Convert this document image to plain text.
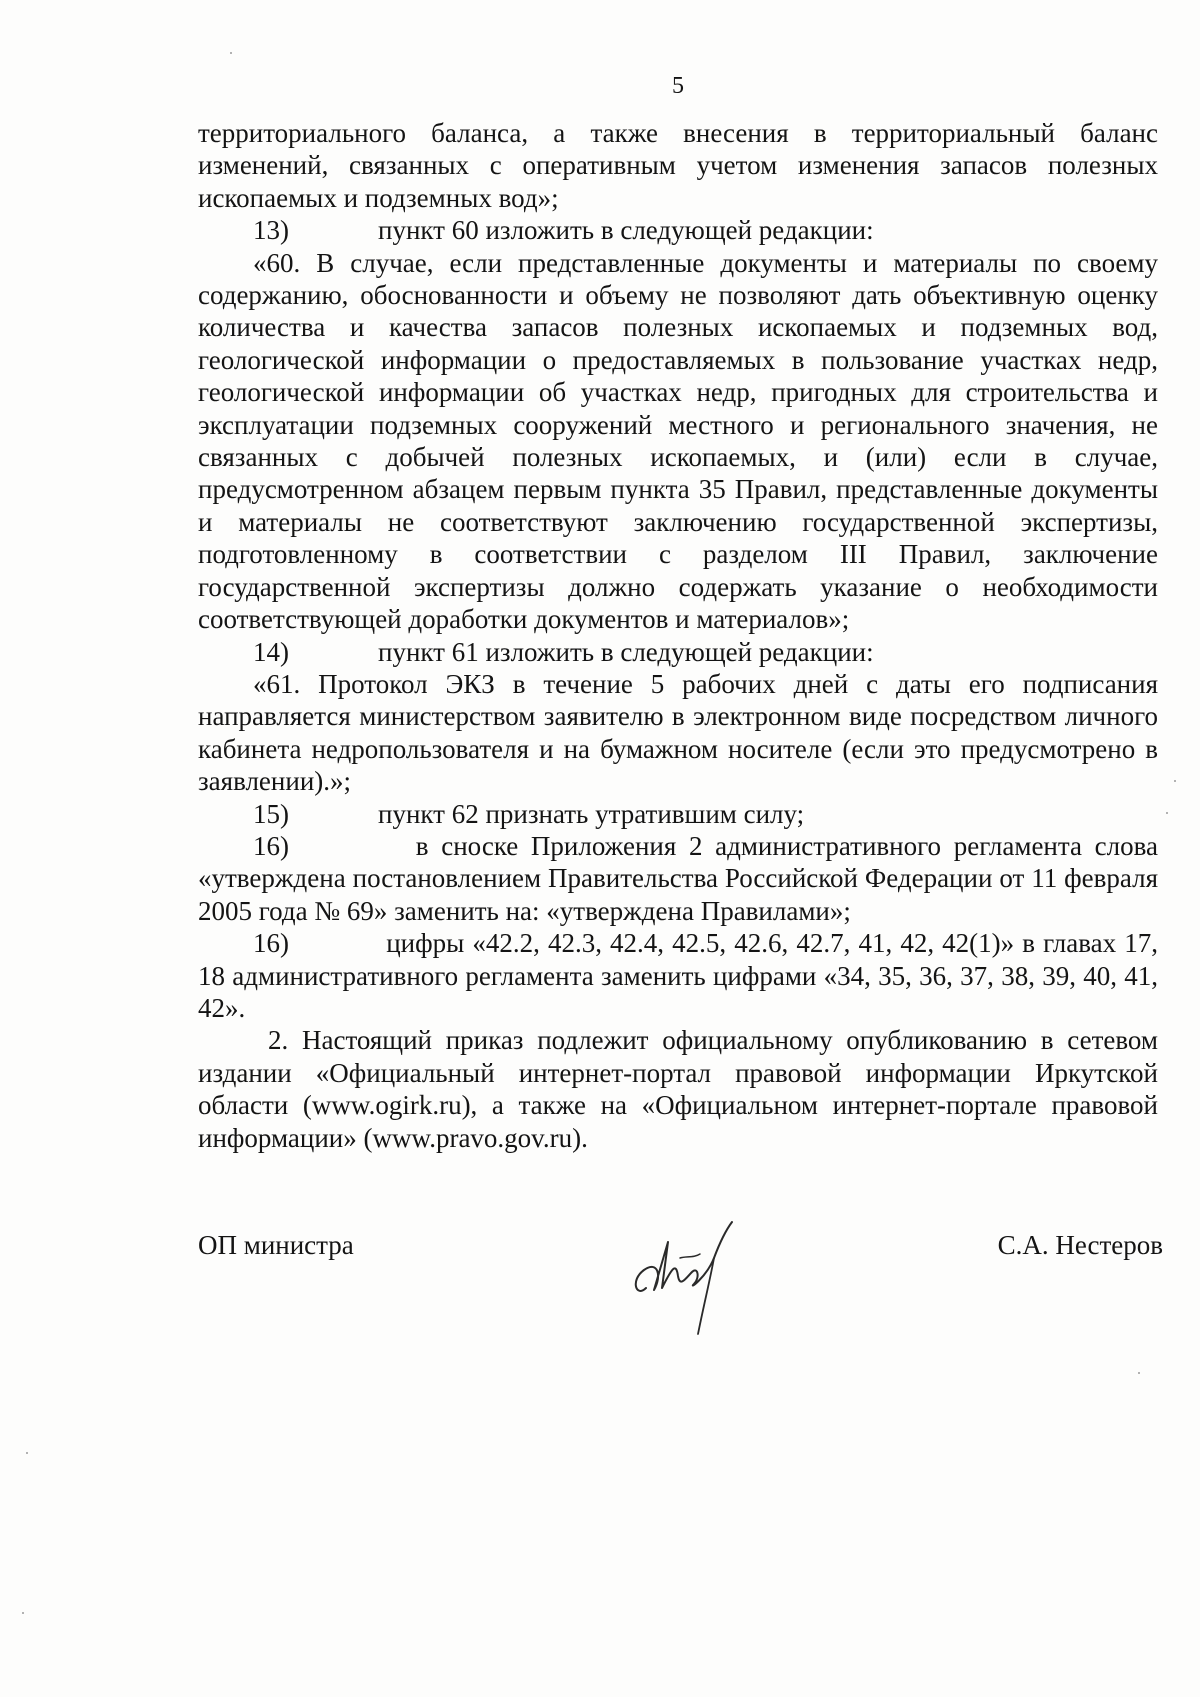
5

территориального баланса, а также внесения в территориальный баланс изменений, связанных с оперативным учетом изменения запасов полезных ископаемых и подземных вод»;

13)	пункт 60 изложить в следующей редакции:

«60. В случае, если представленные документы и материалы по своему содержанию, обоснованности и объему не позволяют дать объективную оценку количества и качества запасов полезных ископаемых и подземных вод, геологической информации о предоставляемых в пользование участках недр, геологической информации об участках недр, пригодных для строительства и эксплуатации подземных сооружений местного и регионального значения, не связанных с добычей полезных ископаемых, и (или) если в случае, предусмотренном абзацем первым пункта 35 Правил, представленные документы и материалы не соответствуют заключению государственной экспертизы, подготовленному в соответствии с разделом III Правил, заключение государственной экспертизы должно содержать указание о необходимости соответствующей доработки документов и материалов»;

14)	пункт 61 изложить в следующей редакции:

«61. Протокол ЭКЗ в течение 5 рабочих дней с даты его подписания направляется министерством заявителю в электронном виде посредством личного кабинета недропользователя и на бумажном носителе (если это предусмотрено в заявлении).»;

15)	пункт 62 признать утратившим силу;

16)	в сноске Приложения 2 административного регламента слова «утверждена постановлением Правительства Российской Федерации от 11 февраля 2005 года № 69» заменить на: «утверждена Правилами»;

16)	цифры «42.2, 42.3, 42.4, 42.5, 42.6, 42.7, 41, 42, 42(1)» в главах 17, 18 административного регламента заменить цифрами «34, 35, 36, 37, 38, 39, 40, 41, 42».

2. Настоящий приказ подлежит официальному опубликованию в сетевом издании «Официальный интернет-портал правовой информации Иркутской области (www.ogirk.ru), а также на «Официальном интернет-портале правовой информации» (www.pravo.gov.ru).

ОП министра	С.А. Нестеров
